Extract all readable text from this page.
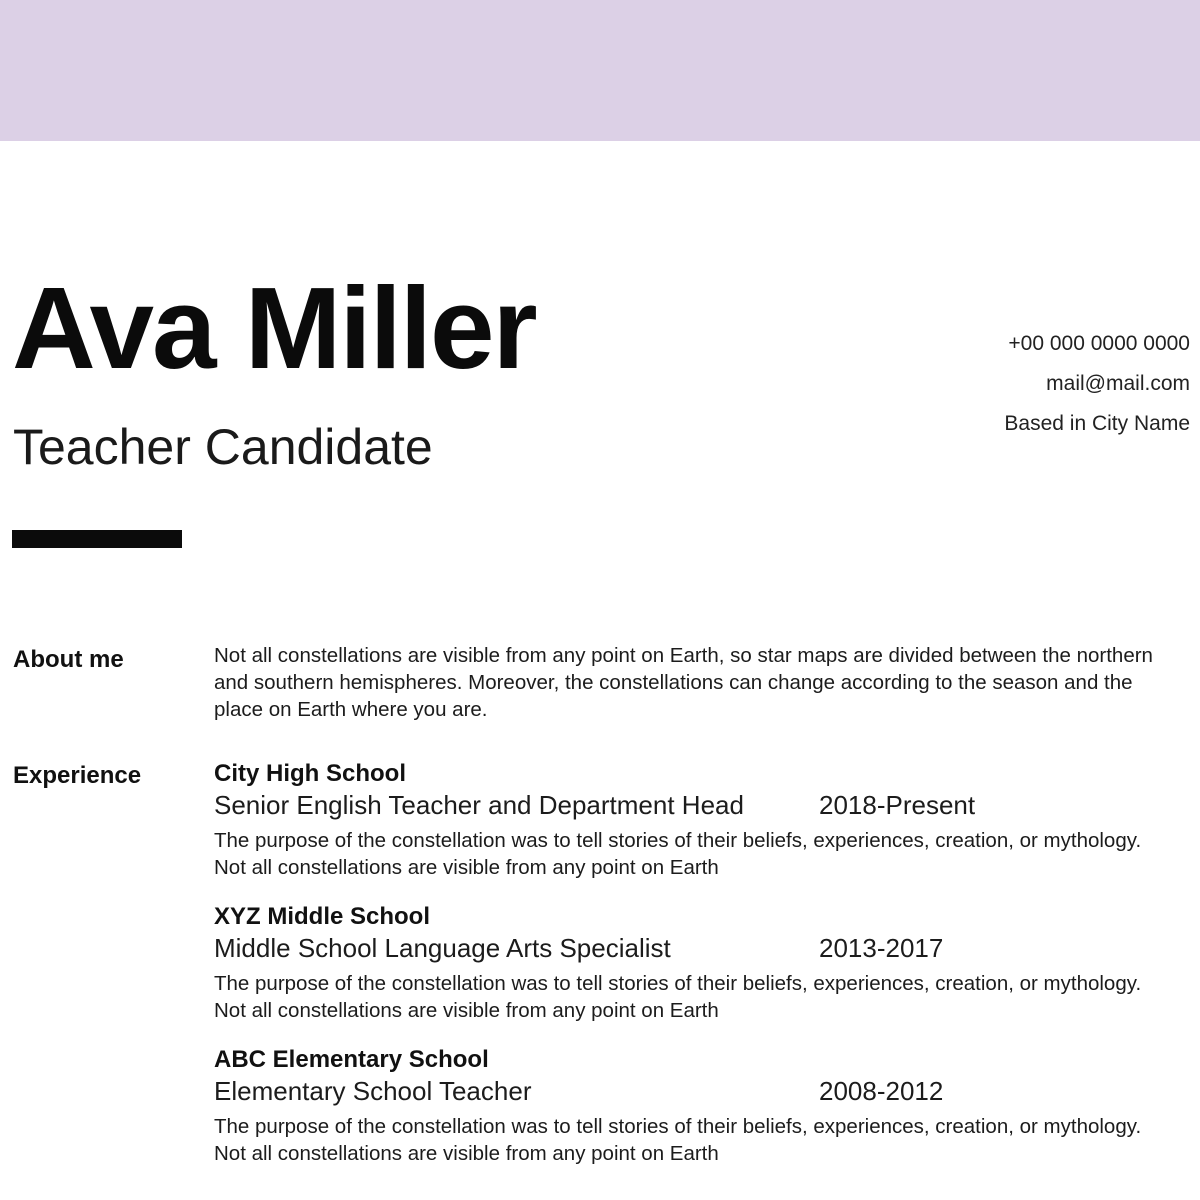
Ava Miller
Teacher Candidate
+00 000 0000 0000
mail@mail.com
Based in City Name
About me	Not all constellations are visible from any point on Earth, so star maps are divided between the northern and southern hemispheres. Moreover, the constellations can change according to the season and the place on Earth where you are.
Experience	City High School
Senior English Teacher and Department Head	2018-Present
The purpose of the constellation was to tell stories of their beliefs, experiences, creation, or mythology. Not all constellations are visible from any point on Earth
XYZ Middle School
Middle School Language Arts Specialist	2013-2017
The purpose of the constellation was to tell stories of their beliefs, experiences, creation, or mythology. Not all constellations are visible from any point on Earth
ABC Elementary School
Elementary School Teacher	2008-2012
The purpose of the constellation was to tell stories of their beliefs, experiences, creation, or mythology. Not all constellations are visible from any point on Earth
